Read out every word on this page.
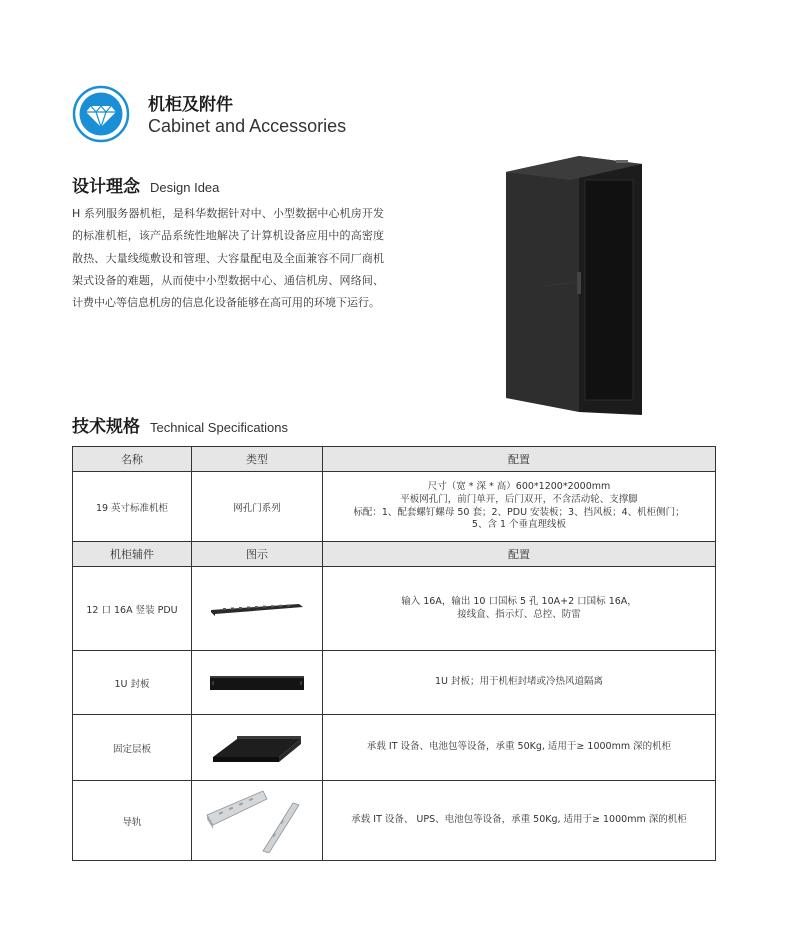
机柜及附件
Cabinet and Accessories
设计理念 Design Idea

H 系列服务器机柜，是科华数据针对中、小型数据中心机房开发的标准机柜，该产品系统性地解决了计算机设备应用中的高密度散热、大量线缆敷设和管理、大容量配电及全面兼容不同厂商机架式设备的难题，从而使中小型数据中心、通信机房、网络间、计费中心等信息机房的信息化设备能够在高可用的环境下运行。

技术规格 Technical Specifications
名称	类型	配置
19 英寸标准机柜	网孔门系列	尺寸（宽 * 深 * 高）600*1200*2000mm
平板网孔门，前门单开，后门双开，不含活动轮、支撑脚
标配：1、配套螺钉螺母 50 套；2、PDU 安装板；3、挡风板；4、机柜侧门；
5、含 1 个垂直理线板

机柜辅件	图示	配置
12 口 16A 竖装 PDU		输入 16A，输出 10 口国标 5 孔 10A+2 口国标 16A，
接线盒、指示灯、总控、防雷

1U 封板		1U 封板；用于机柜封堵或冷热风道隔离

固定层板		承载 IT 设备、电池包等设备，承重 50Kg, 适用于≥ 1000mm 深的机柜

导轨		承载 IT 设备、 UPS、电池包等设备，承重 50Kg, 适用于≥ 1000mm 深的机柜
